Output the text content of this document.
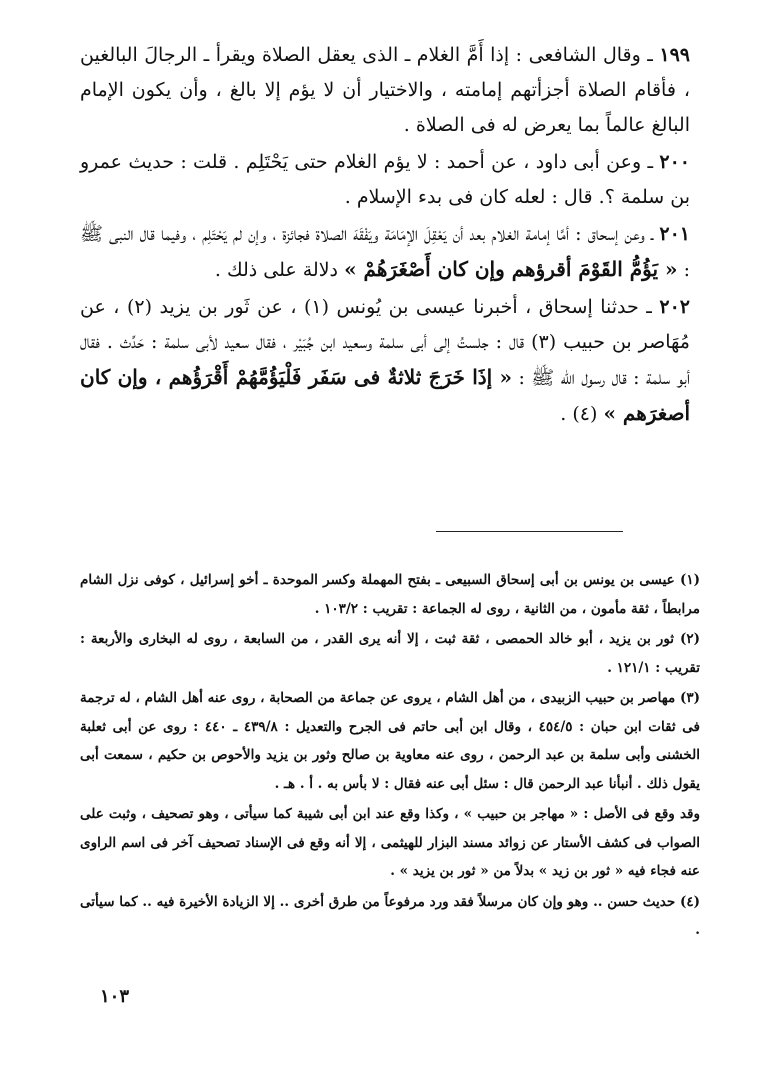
١٩٩ ـ وقال الشافعى : إذا أَمَّ الغلام ـ الذى يعقل الصلاة ويقرأ ـ الرجالَ البالغين ، فأقام الصلاة أجزأتهم إمامته ، والاختيار أن لا يؤم إلا بالغ ، وأن يكون الإمام البالغ عالماً بما يعرض له فى الصلاة .

٢٠٠ ـ وعن أبى داود ، عن أحمد : لا يؤم الغلام حتى يَحْتَلِم . قلت : حديث عمرو بن سلمة ؟. قال : لعله كان فى بدء الإسلام .

٢٠١ ـ وعن إسحاق : أمَّا إمامة الغلام بعد أن يَعْقِلَ الإمَامَة ويَفْقَهَ الصلاة فجائزة ، وإن لم يَحْتَلِم ، وفيما قال النبى ﷺ : « يَؤُمُّ القَوْمَ أقرؤهم وإن كان أَصْغَرَهُمْ » دلالة على ذلك .

٢٠٢ ـ حدثنا إسحاق ، أخبرنا عيسى بن يُونس (١) ، عن ثَور بن يزيد (٢) ، عن مُهَاصر بن حبيب (٣) قال : جلستُ إلى أبى سلمة وسعيد ابن جُبَيْر ، فقال سعيد لأبى سلمة : حَدِّث . فقال أبو سلمة : قال رسول الله ﷺ : « إذَا خَرَجَ ثلاثةٌ فى سَفَر فَلْيَؤُمَّهُمْ أَقْرَؤُهم ، وإن كان أصغرَهم » (٤) .

(١) عيسى بن يونس بن أبى إسحاق السبيعى ـ بفتح المهملة وكسر الموحدة ـ أخو إسرائيل ، كوفى نزل الشام مرابطاً ، ثقة مأمون ، من الثانية ، روى له الجماعة : تقريب : ١٠٣/٢ .

(٢) ثور بن يزيد ، أبو خالد الحمصى ، ثقة ثبت ، إلا أنه يرى القدر ، من السابعة ، روى له البخارى والأربعة : تقريب : ١٢١/١ .

(٣) مهاصر بن حبيب الزبيدى ، من أهل الشام ، يروى عن جماعة من الصحابة ، روى عنه أهل الشام ، له ترجمة فى ثقات ابن حبان : ٤٥٤/٥ ، وقال ابن أبى حاتم فى الجرح والتعديل : ٤٣٩/٨ ـ ٤٤٠ : روى عن أبى ثعلبة الخشنى وأبى سلمة بن عبد الرحمن ، روى عنه معاوية بن صالح وثور بن يزيد والأحوص بن حكيم ، سمعت أبى يقول ذلك . أنبأنا عبد الرحمن قال : سئل أبى عنه فقال : لا بأس به . أ . هـ .

وقد وقع فى الأصل : « مهاجر بن حبيب » ، وكذا وقع عند ابن أبى شيبة كما سيأتى ، وهو تصحيف ، وثبت على الصواب فى كشف الأستار عن زوائد مسند البزار للهيثمى ، إلا أنه وقع فى الإسناد تصحيف آخر فى اسم الراوى عنه فجاء فيه « ثور بن زيد » بدلاً من « ثور بن يزيد » .

(٤) حديث حسن .. وهو وإن كان مرسلاً فقد ورد مرفوعاً من طرق أخرى .. إلا الزيادة الأخيرة فيه .. كما سيأتى .

١٠٣
